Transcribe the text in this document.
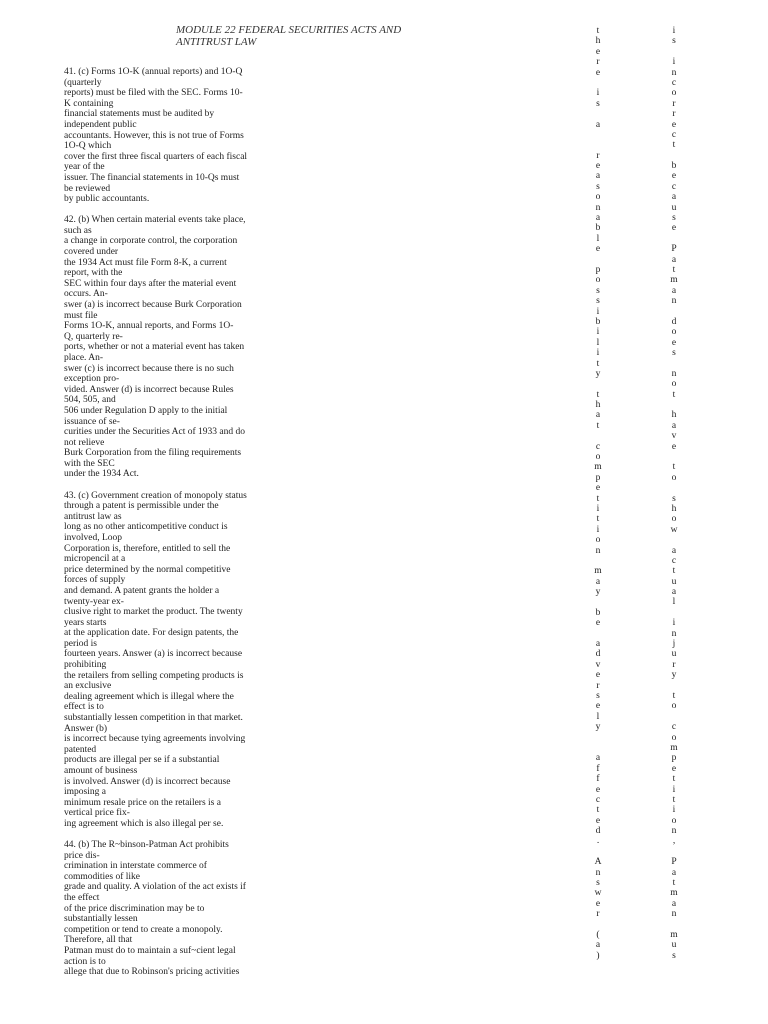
MODULE 22 FEDERAL SECURITIES ACTS AND
ANTITRUST LAW
41. (c) Forms 1O-K (annual reports) and 1O-Q
(quarterly
reports) must be filed with the SEC. Forms 10-
K containing
financial statements must be audited by
independent public
accountants. However, this is not true of Forms
1O-Q which
cover the first three fiscal quarters of each fiscal
year of the
issuer. The financial statements in 10-Qs must
be reviewed
by public accountants.
42. (b) When certain material events take place,
such as
a change in corporate control, the corporation
covered under
the 1934 Act must file Form 8-K, a current
report, with the
SEC within four days after the material event
occurs. An-
swer (a) is incorrect because Burk Corporation
must file
Forms 1O-K, annual reports, and Forms 1O-
Q, quarterly re-
ports, whether or not a material event has taken
place. An-
swer (c) is incorrect because there is no such
exception pro-
vided. Answer (d) is incorrect because Rules
504, 505, and
506 under Regulation D apply to the initial
issuance of se-
curities under the Securities Act of 1933 and do
not relieve
Burk Corporation from the filing requirements
with the SEC
under the 1934 Act.
43. (c) Government creation of monopoly status
through a patent is permissible under the
antitrust law as
long as no other anticompetitive conduct is
involved, Loop
Corporation is, therefore, entitled to sell the
micropencil at a
price determined by the normal competitive
forces of supply
and demand. A patent grants the holder a
twenty-year ex-
clusive right to market the product. The twenty
years starts
at the application date. For design patents, the
period is
fourteen years. Answer (a) is incorrect because
prohibiting
the retailers from selling competing products is
an exclusive
dealing agreement which is illegal where the
effect is to
substantially lessen competition in that market.
Answer (b)
is incorrect because tying agreements involving
patented
products are illegal per se if a substantial
amount of business
is involved. Answer (d) is incorrect because
imposing a
minimum resale price on the retailers is a
vertical price fix-
ing agreement which is also illegal per se.
44. (b) The R~binson-Patman Act prohibits
price dis-
crimination in interstate commerce of
commodities of like
grade and quality. A violation of the act exists if
the effect
of the price discrimination may be to
substantially lessen
competition or tend to create a monopoly.
Therefore, all that
Patman must do to maintain a suf~cient legal
action is to
allege that due to Robinson's pricing activities
t
h
e
r
e
i
s
a
r
e
a
s
o
n
a
b
l
e
p
o
s
s
i
b
i
l
i
t
y
t
h
a
t
c
o
m
p
e
t
i
t
i
o
n
m
a
y
b
e
a
d
v
e
r
s
e
l
y
a
f
f
e
c
t
e
d
.
A
n
s
w
e
r
(
a
)
i
s
i
n
c
o
r
r
e
c
t
b
e
c
a
u
s
e
P
a
t
m
a
n
d
o
e
s
n
o
t
h
a
v
e
t
o
s
h
o
w
a
c
t
u
a
l
i
n
j
u
r
y
t
o
c
o
m
p
e
t
i
t
i
o
n
,
P
a
t
m
a
n
m
u
s
